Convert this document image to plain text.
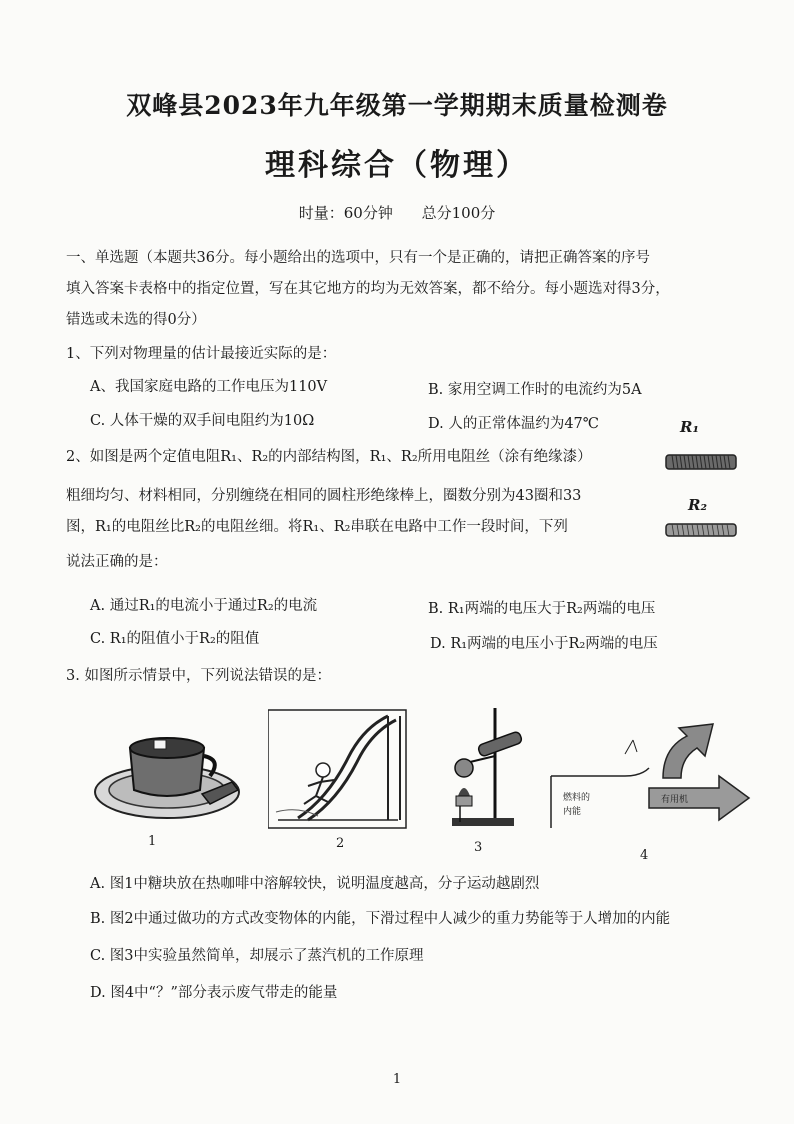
双峰县2023年九年级第一学期期末质量检测卷
理科综合（物理）
时量：60分钟 总分100分
一、单选题（本题共36分。每小题给出的选项中，只有一个是正确的，请把正确答案的序号
填入答案卡表格中的指定位置，写在其它地方的均为无效答案，都不给分。每小题选对得3分，
错选或未选的得0分）
1、下列对物理量的估计最接近实际的是：
A、我国家庭电路的工作电压为110V	B. 家用空调工作时的电流约为5A
C. 人体干燥的双手间电阻约为10Ω	D. 人的正常体温约为47℃
2、如图是两个定值电阻R₁、R₂的内部结构图，R₁、R₂所用电阻丝（涂有绝缘漆）
粗细均匀、材料相同，分别缠绕在相同的圆柱形绝缘棒上，圈数分别为43圈和33
图，R₁的电阻丝比R₂的电阻丝细。将R₁、R₂串联在电路中工作一段时间，下列
说法正确的是：
R₁
R₂
A. 通过R₁的电流小于通过R₂的电流	B. R₁两端的电压大于R₂两端的电压
C. R₁的阻值小于R₂的阻值	D. R₁两端的电压小于R₂两端的电压
3. 如图所示情景中，下列说法错误的是：
1	2	3
燃料的
内能
有用机
4
A. 图1中糖块放在热咖啡中溶解较快，说明温度越高，分子运动越剧烈
B. 图2中通过做功的方式改变物体的内能，下滑过程中人减少的重力势能等于人增加的内能
C. 图3中实验虽然简单，却展示了蒸汽机的工作原理
D. 图4中“？”部分表示废气带走的能量
1
